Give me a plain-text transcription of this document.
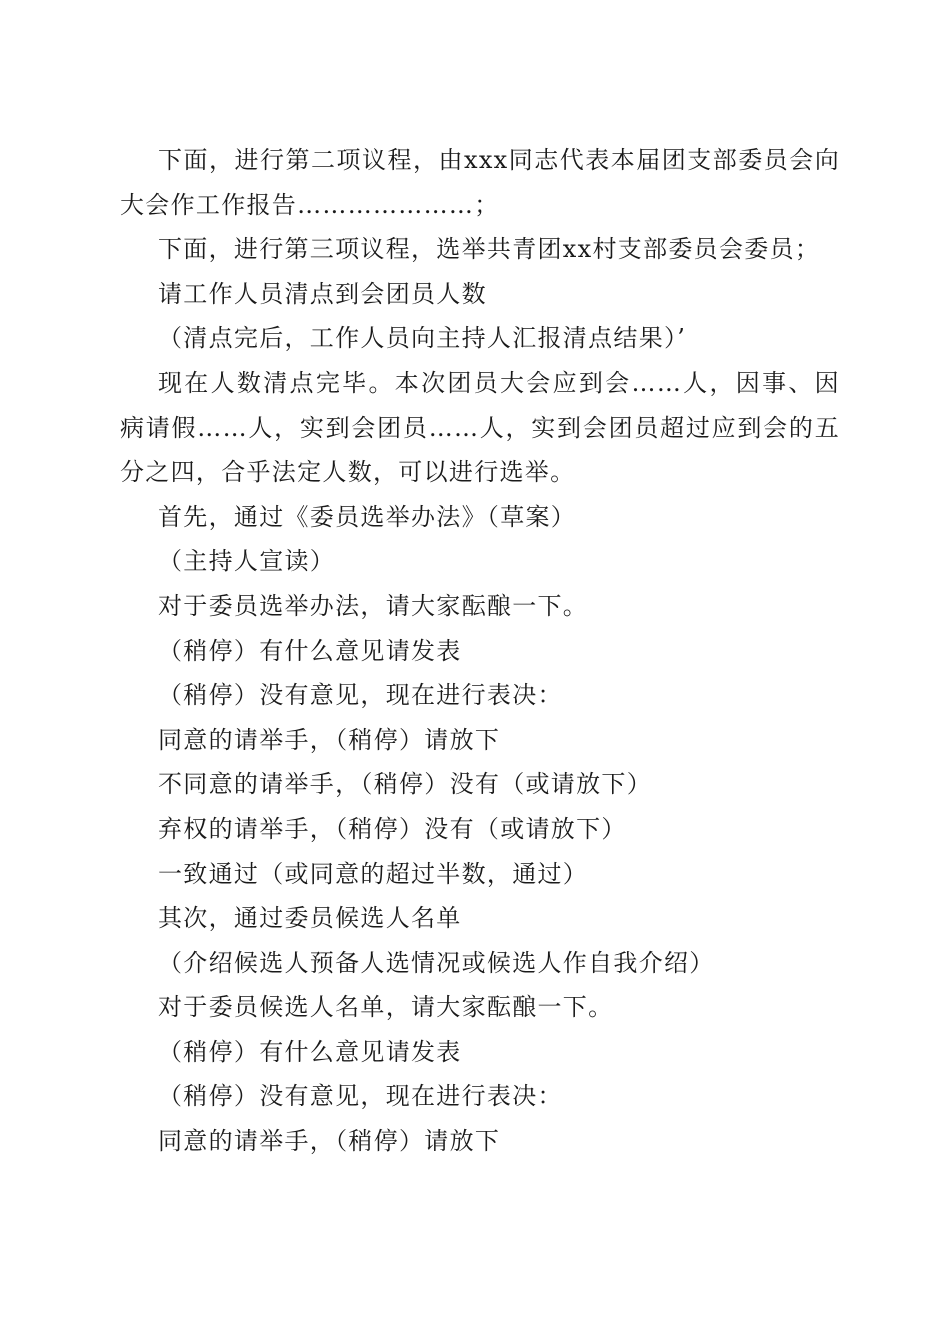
下面，进行第二项议程，由xxx同志代表本届团支部委员会向大会作工作报告…………………；

下面，进行第三项议程，选举共青团xx村支部委员会委员；

请工作人员清点到会团员人数

（清点完后，工作人员向主持人汇报清点结果）’

现在人数清点完毕。本次团员大会应到会……人，因事、因病请假……人，实到会团员……人，实到会团员超过应到会的五分之四，合乎法定人数，可以进行选举。

首先，通过《委员选举办法》（草案）

（主持人宣读）

对于委员选举办法，请大家酝酿一下。

（稍停）有什么意见请发表

（稍停）没有意见，现在进行表决：

同意的请举手，（稍停）请放下

不同意的请举手，（稍停）没有（或请放下）

弃权的请举手，（稍停）没有（或请放下）

一致通过（或同意的超过半数，通过）

其次，通过委员候选人名单

（介绍候选人预备人选情况或候选人作自我介绍）

对于委员候选人名单，请大家酝酿一下。

（稍停）有什么意见请发表

（稍停）没有意见，现在进行表决：

同意的请举手，（稍停）请放下
